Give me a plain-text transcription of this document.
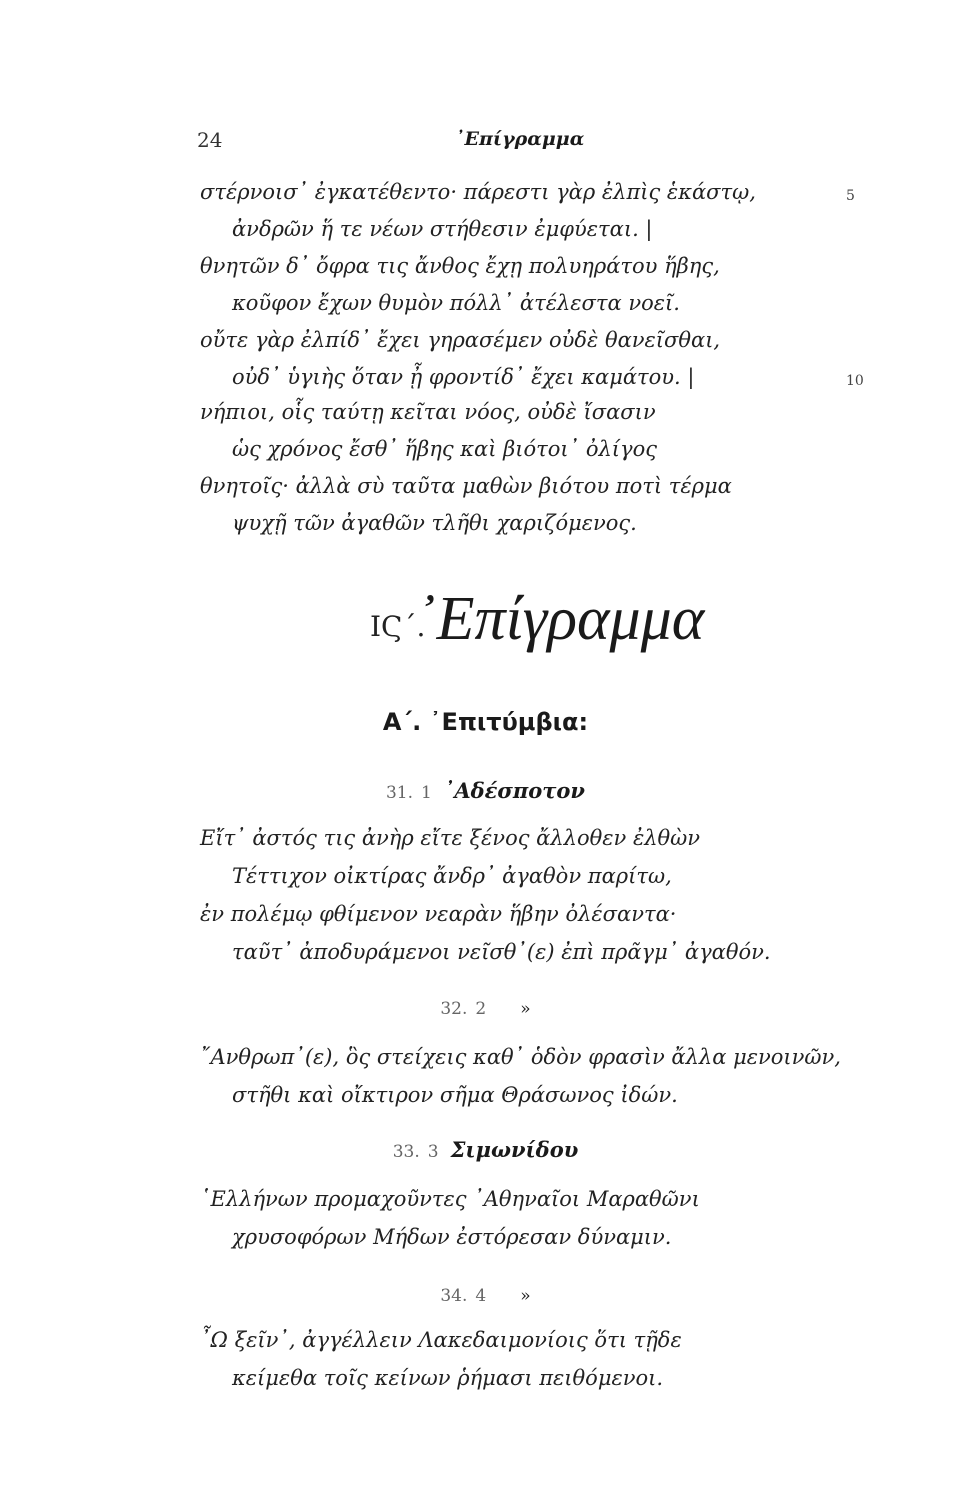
24	᾿Επίγραμμα
στέρνοισ᾿ ἐγκατέθεντο· πάρεστι γὰρ ἐλπὶς ἑκάστῳ,	5
ἀνδρῶν ἥ τε νέων στήθεσιν ἐμφύεται. |
θνητῶν δ᾿ ὄφρα τις ἄνθος ἔχῃ πολυηράτου ἥβης,
κοῦφον ἔχων θυμὸν πόλλ᾿ ἀτέλεστα νοεῖ.
οὔτε γὰρ ἐλπίδ᾿ ἔχει γηρασέμεν οὐδὲ θανεῖσθαι,
οὐδ᾿ ὑγιὴς ὅταν ᾖ φροντίδ᾿ ἔχει καμάτου. |	10
νήπιοι, οἷς ταύτῃ κεῖται νόος, οὐδὲ ἴσασιν
ὡς χρόνος ἔσθ᾿ ἥβης καὶ βιότοι᾿ ὀλίγος
θνητοῖς· ἀλλὰ σὺ ταῦτα μαθὼν βιότου ποτὶ τέρμα
ψυχῇ τῶν ἀγαθῶν τλῆθι χαριζόμενος.
ΙϚ΄.
᾿Επίγραμμα
Α΄. ᾿Επιτύμβια:
31. 1 ᾿Αδέσποτον
Εἴτ᾿ ἀστός τις ἀνὴρ εἴτε ξένος ἄλλοθεν ἐλθὼν
Τέττιχον οἰκτίρας ἄνδρ᾿ ἀγαθὸν παρίτω,
ἐν πολέμῳ φθίμενον νεαρὰν ἥβην ὀλέσαντα·
ταῦτ᾿ ἀποδυράμενοι νεῖσθ᾿(ε) ἐπὶ πρᾶγμ᾿ ἀγαθόν.
32. 2 »
῎Ανθρωπ᾿(ε), ὃς στείχεις καθ᾿ ὁδὸν φρασὶν ἄλλα μενοινῶν,
στῆθι καὶ οἴκτιρον σῆμα Θράσωνος ἰδών.
33. 3 Σιμωνίδου
῾Ελλήνων προμαχοῦντες ᾿Αθηναῖοι Μαραθῶνι
χρυσοφόρων Μήδων ἐστόρεσαν δύναμιν.
34. 4 »
῏Ω ξεῖν᾿, ἀγγέλλειν Λακεδαιμονίοις ὅτι τῇδε
κείμεθα τοῖς κείνων ῥήμασι πειθόμενοι.
